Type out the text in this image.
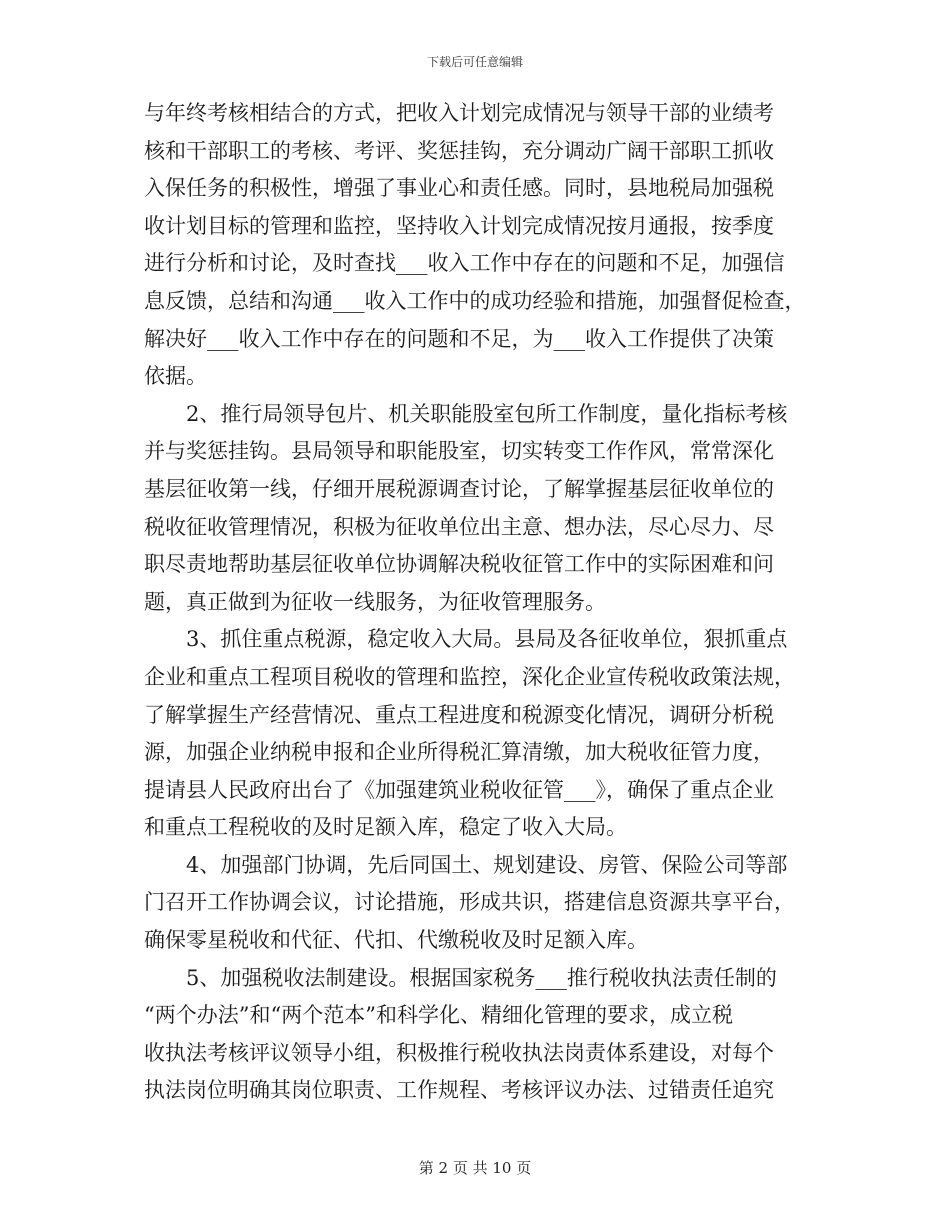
下载后可任意编辑
与年终考核相结合的方式，把收入计划完成情况与领导干部的业绩考
核和干部职工的考核、考评、奖惩挂钩，充分调动广阔干部职工抓收
入保任务的积极性，增强了事业心和责任感。同时，县地税局加强税
收计划目标的管理和监控，坚持收入计划完成情况按月通报，按季度
进行分析和讨论，及时查找___收入工作中存在的问题和不足，加强信
息反馈，总结和沟通___收入工作中的成功经验和措施，加强督促检查，
解决好___收入工作中存在的问题和不足，为___收入工作提供了决策
依据。
2、推行局领导包片、机关职能股室包所工作制度，量化指标考核
并与奖惩挂钩。县局领导和职能股室，切实转变工作作风，常常深化
基层征收第一线，仔细开展税源调查讨论，了解掌握基层征收单位的
税收征收管理情况，积极为征收单位出主意、想办法，尽心尽力、尽
职尽责地帮助基层征收单位协调解决税收征管工作中的实际困难和问
题，真正做到为征收一线服务，为征收管理服务。
3、抓住重点税源，稳定收入大局。县局及各征收单位，狠抓重点
企业和重点工程项目税收的管理和监控，深化企业宣传税收政策法规，
了解掌握生产经营情况、重点工程进度和税源变化情况，调研分析税
源，加强企业纳税申报和企业所得税汇算清缴，加大税收征管力度，
提请县人民政府出台了《加强建筑业税收征管___》，确保了重点企业
和重点工程税收的及时足额入库，稳定了收入大局。
4、加强部门协调，先后同国土、规划建设、房管、保险公司等部
门召开工作协调会议，讨论措施，形成共识，搭建信息资源共享平台，
确保零星税收和代征、代扣、代缴税收及时足额入库。
5、加强税收法制建设。根据国家税务___推行税收执法责任制的
“两个办法”和“两个范本”和科学化、精细化管理的要求，成立税
收执法考核评议领导小组，积极推行税收执法岗责体系建设，对每个
执法岗位明确其岗位职责、工作规程、考核评议办法、过错责任追究
第 2 页 共 10 页
